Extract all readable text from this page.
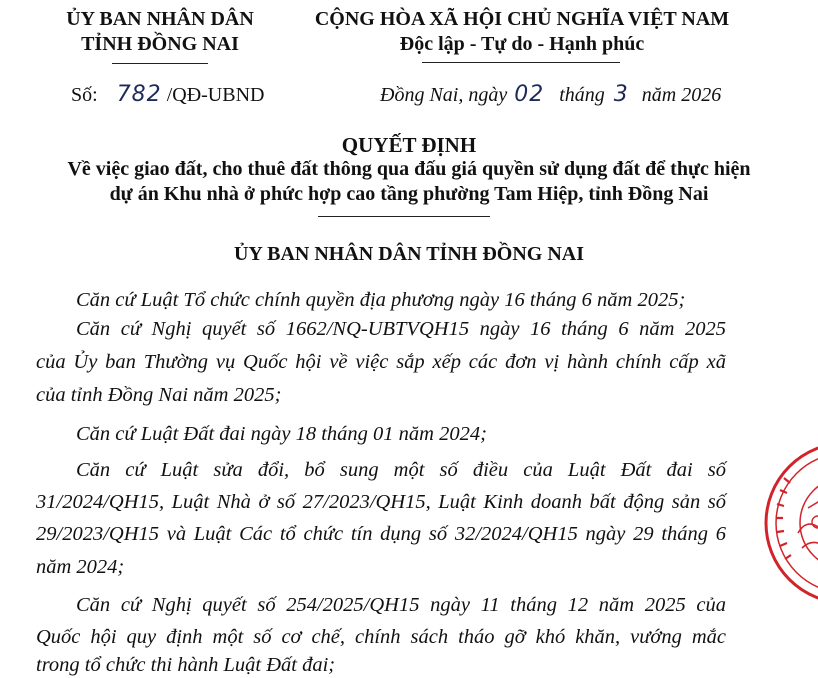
ỦY BAN NHÂN DÂN
TỈNH ĐỒNG NAI
CỘNG HÒA XÃ HỘI CHỦ NGHĨA VIỆT NAM
Độc lập - Tự do - Hạnh phúc
Số: 782 /QĐ-UBND	Đồng Nai, ngày 02 tháng 3 năm 2026
QUYẾT ĐỊNH
Về việc giao đất, cho thuê đất thông qua đấu giá quyền sử dụng đất để thực hiện
dự án Khu nhà ở phức hợp cao tầng phường Tam Hiệp, tỉnh Đồng Nai
ỦY BAN NHÂN DÂN TỈNH ĐỒNG NAI
Căn cứ Luật Tổ chức chính quyền địa phương ngày 16 tháng 6 năm 2025;
Căn cứ Nghị quyết số 1662/NQ-UBTVQH15 ngày 16 tháng 6 năm 2025
của Ủy ban Thường vụ Quốc hội về việc sắp xếp các đơn vị hành chính cấp xã
của tỉnh Đồng Nai năm 2025;
Căn cứ Luật Đất đai ngày 18 tháng 01 năm 2024;
Căn cứ Luật sửa đổi, bổ sung một số điều của Luật Đất đai số
31/2024/QH15, Luật Nhà ở số 27/2023/QH15, Luật Kinh doanh bất động sản số
29/2023/QH15 và Luật Các tổ chức tín dụng số 32/2024/QH15 ngày 29 tháng 6
năm 2024;
Căn cứ Nghị quyết số 254/2025/QH15 ngày 11 tháng 12 năm 2025 của
Quốc hội quy định một số cơ chế, chính sách tháo gỡ khó khăn, vướng mắc
trong tổ chức thi hành Luật Đất đai;
